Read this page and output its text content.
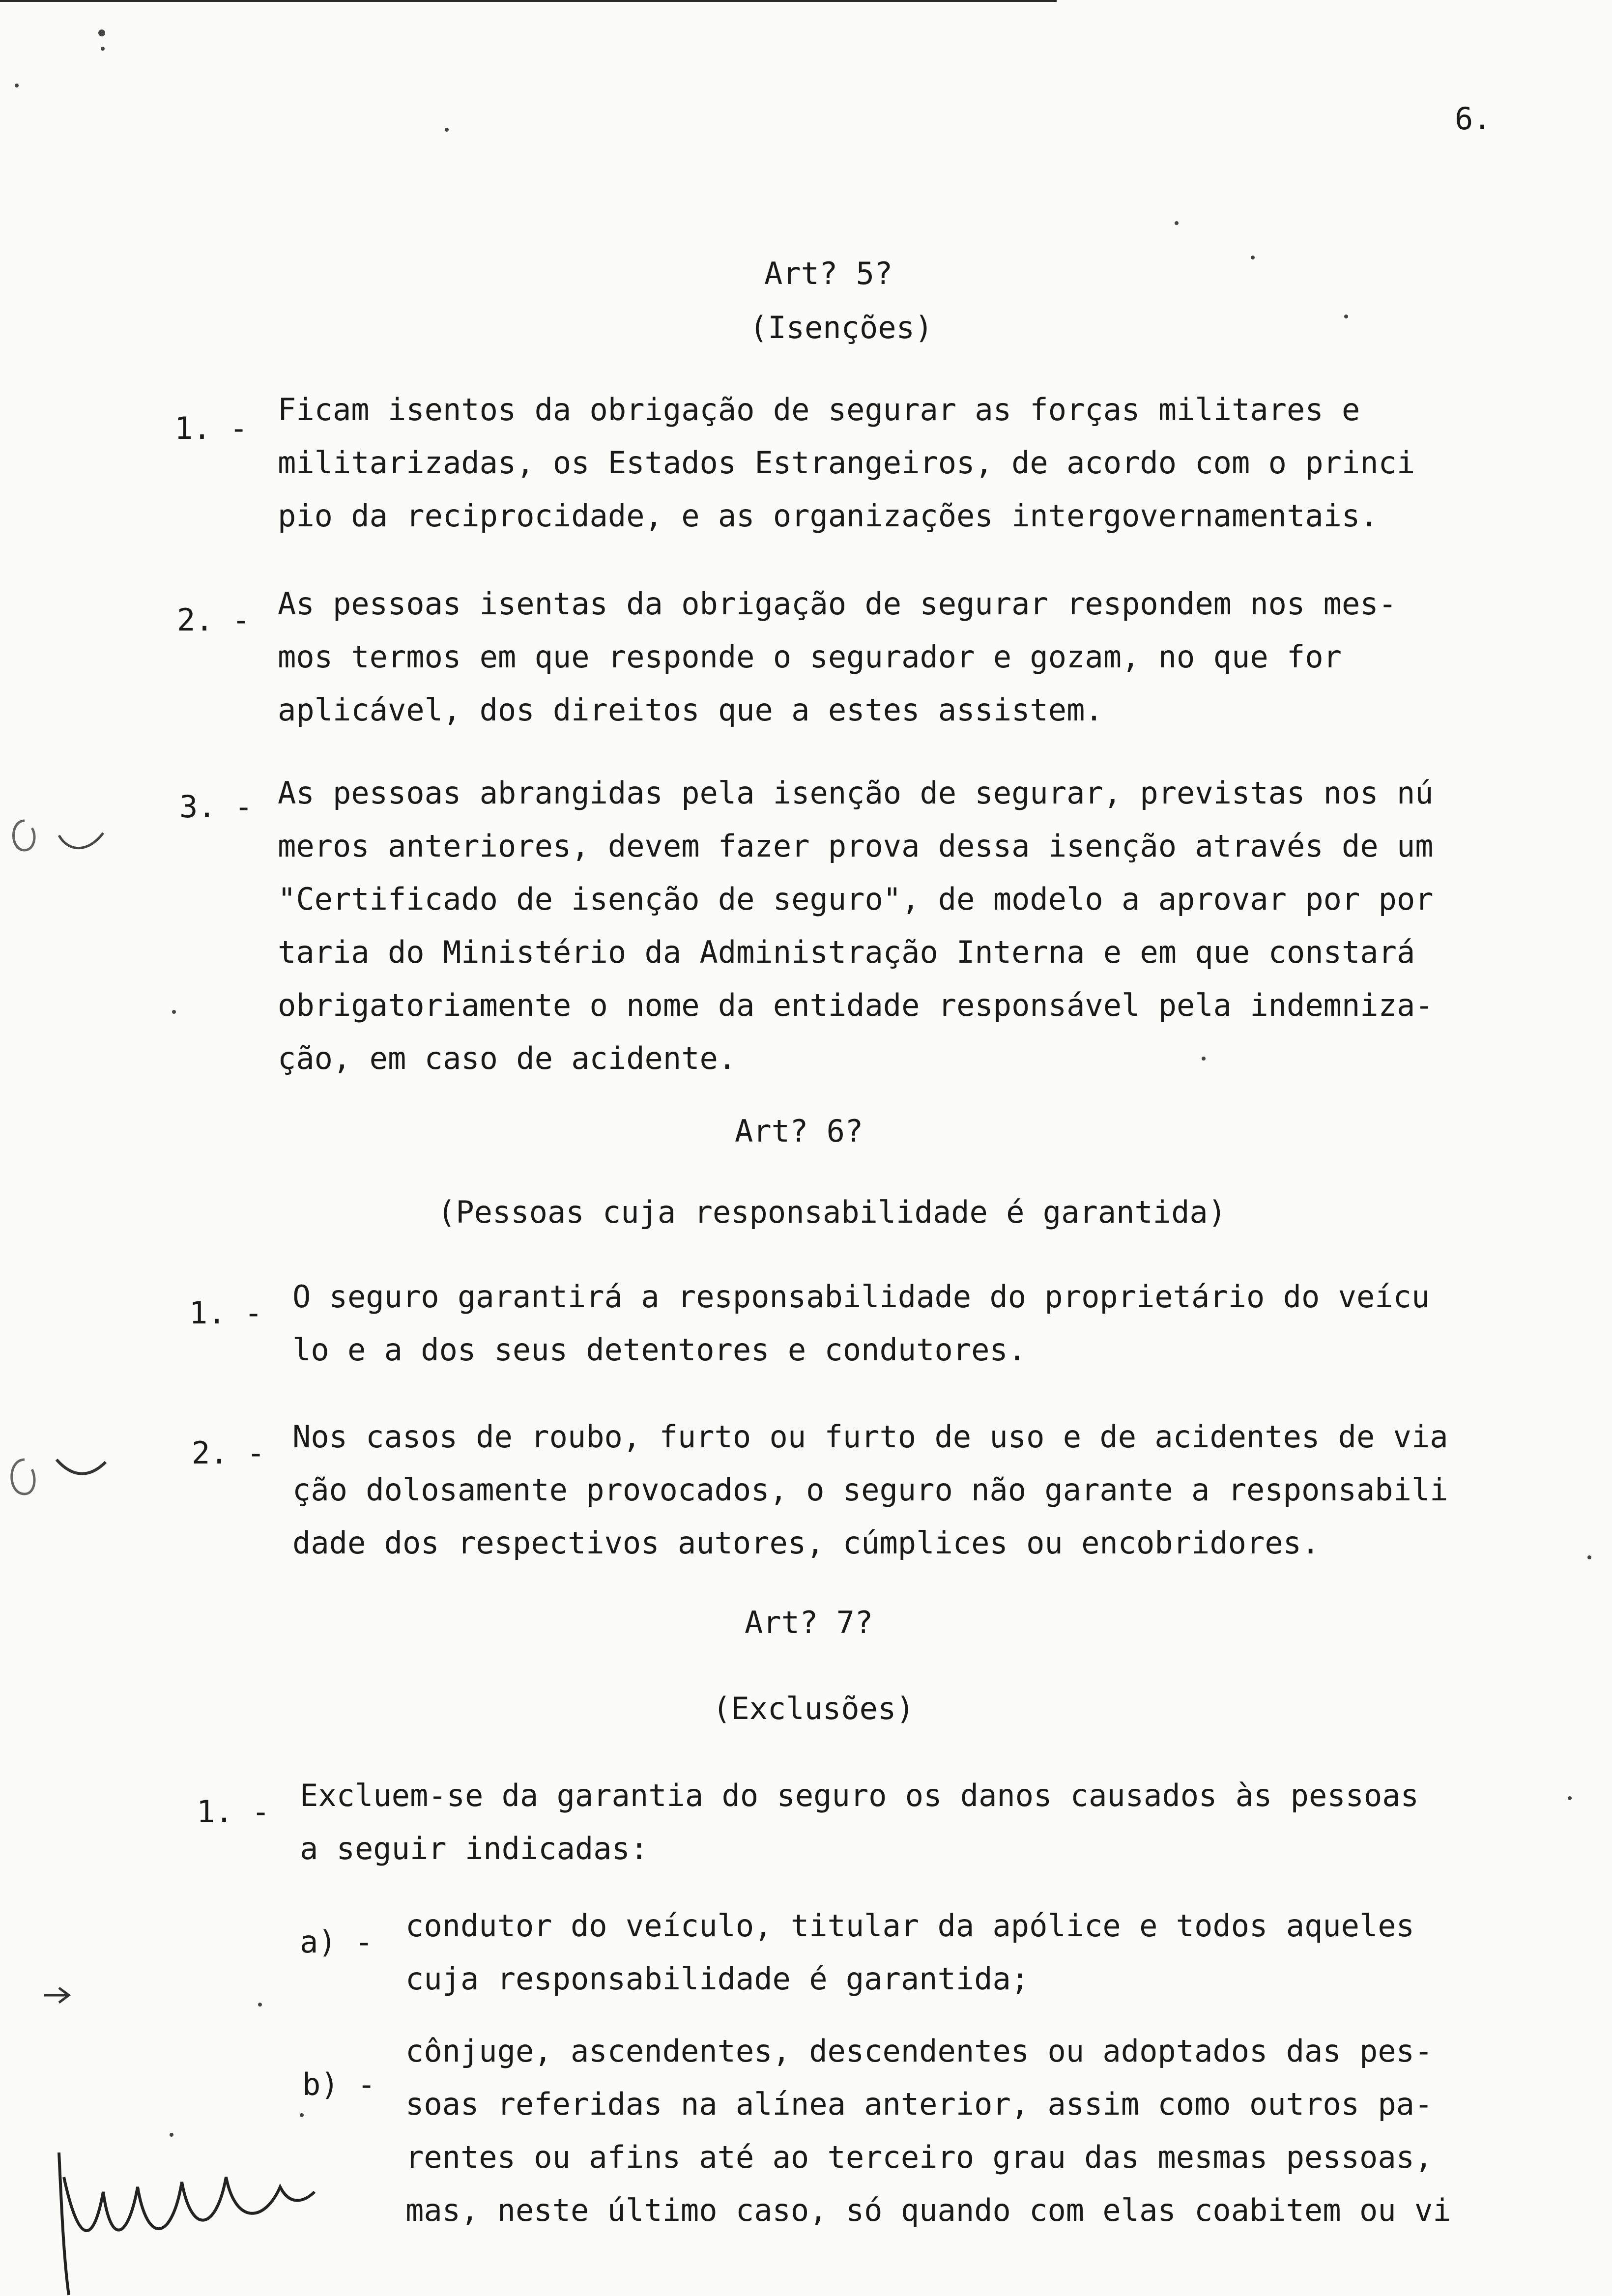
6.
Art? 5?
(Isenções)
1. -
Ficam isentos da obrigação de segurar as forças militares e
militarizadas, os Estados Estrangeiros, de acordo com o princi
pio da reciprocidade, e as organizações intergovernamentais.
2. - As pessoas isentas da obrigação de segurar respondem nos mes-
mos termos em que responde o segurador e gozam, no que for
aplicável, dos direitos que a estes assistem.
3. - As pessoas abrangidas pela isenção de segurar, previstas nos nú
meros anteriores, devem fazer prova dessa isenção através de um
"Certificado de isenção de seguro", de modelo a aprovar por por
taria do Ministério da Administração Interna e em que constará
obrigatoriamente o nome da entidade responsável pela indemniza-
ção, em caso de acidente.
Art? 6?
(Pessoas cuja responsabilidade é garantida)
1. - O seguro garantirá a responsabilidade do proprietário do veícu
lo e a dos seus detentores e condutores.
2. - Nos casos de roubo, furto ou furto de uso e de acidentes de via
ção dolosamente provocados, o seguro não garante a responsabili
dade dos respectivos autores, cúmplices ou encobridores.
Art? 7?
(Exclusões)
1. - Excluem-se da garantia do seguro os danos causados às pessoas
a seguir indicadas:
a) - condutor do veículo, titular da apólice e todos aqueles
cuja responsabilidade é garantida;
b) -
cônjuge, ascendentes, descendentes ou adoptados das pes-
soas referidas na alínea anterior, assim como outros pa-
rentes ou afins até ao terceiro grau das mesmas pessoas,
mas, neste último caso, só quando com elas coabitem ou vi
